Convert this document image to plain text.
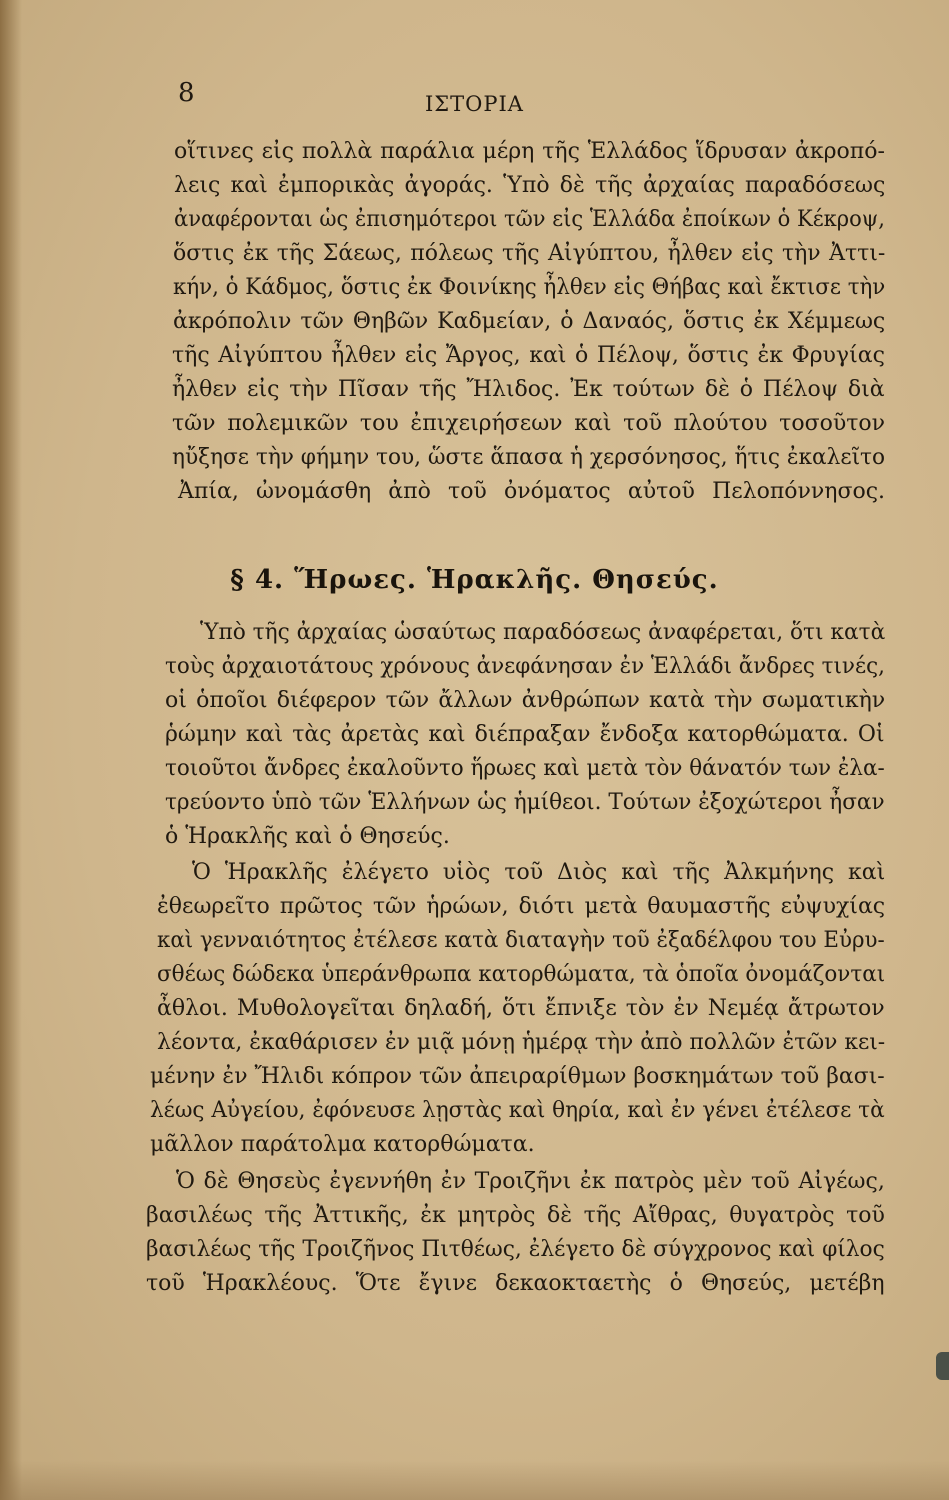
8	ΙΣΤΟΡΙΑ
οἵτινες εἰς πολλὰ παράλια μέρη τῆς Ἑλλάδος ἵδρυσαν ἀκροπό-
λεις καὶ ἐμπορικὰς ἀγοράς. Ὑπὸ δὲ τῆς ἀρχαίας παραδόσεως
ἀναφέρονται ὡς ἐπισημότεροι τῶν εἰς Ἑλλάδα ἐποίκων ὁ Κέκροψ,
ὅστις ἐκ τῆς Σάεως, πόλεως τῆς Αἰγύπτου, ἦλθεν εἰς τὴν Ἀττι-
κήν, ὁ Κάδμος, ὅστις ἐκ Φοινίκης ἦλθεν εἰς Θήβας καὶ ἔκτισε τὴν
ἀκρόπολιν τῶν Θηβῶν Καδμείαν, ὁ Δαναός, ὅστις ἐκ Χέμμεως
τῆς Αἰγύπτου ἦλθεν εἰς Ἄργος, καὶ ὁ Πέλοψ, ὅστις ἐκ Φρυγίας
ἦλθεν εἰς τὴν Πῖσαν τῆς Ἤλιδος. Ἐκ τούτων δὲ ὁ Πέλοψ διὰ
τῶν πολεμικῶν του ἐπιχειρήσεων καὶ τοῦ πλούτου τοσοῦτον
ηὔξησε τὴν φήμην του, ὥστε ἅπασα ἡ χερσόνησος, ἥτις ἐκαλεῖτο
Ἀπία, ὠνομάσθη ἀπὸ τοῦ ὀνόματος αὐτοῦ Πελοπόννησος.
§ 4. Ἥρωες. Ἡρακλῆς. Θησεύς.
Ὑπὸ τῆς ἀρχαίας ὡσαύτως παραδόσεως ἀναφέρεται, ὅτι κατὰ
τοὺς ἀρχαιοτάτους χρόνους ἀνεφάνησαν ἐν Ἑλλάδι ἄνδρες τινές,
οἱ ὁποῖοι διέφερον τῶν ἄλλων ἀνθρώπων κατὰ τὴν σωματικὴν
ῥώμην καὶ τὰς ἀρετὰς καὶ διέπραξαν ἔνδοξα κατορθώματα. Οἱ
τοιοῦτοι ἄνδρες ἐκαλοῦντο ἥρωες καὶ μετὰ τὸν θάνατόν των ἐλα-
τρεύοντο ὑπὸ τῶν Ἑλλήνων ὡς ἡμίθεοι. Τούτων ἐξοχώτεροι ἦσαν
ὁ Ἡρακλῆς καὶ ὁ Θησεύς.
Ὁ Ἡρακλῆς ἐλέγετο υἱὸς τοῦ Διὸς καὶ τῆς Ἀλκμήνης καὶ
ἐθεωρεῖτο πρῶτος τῶν ἡρώων, διότι μετὰ θαυμαστῆς εὐψυχίας
καὶ γενναιότητος ἐτέλεσε κατὰ διαταγὴν τοῦ ἐξαδέλφου του Εὐρυ-
σθέως δώδεκα ὑπεράνθρωπα κατορθώματα, τὰ ὁποῖα ὀνομάζονται
ἆθλοι. Μυθολογεῖται δηλαδή, ὅτι ἔπνιξε τὸν ἐν Νεμέᾳ ἄτρωτον
λέοντα, ἐκαθάρισεν ἐν μιᾷ μόνῃ ἡμέρᾳ τὴν ἀπὸ πολλῶν ἐτῶν κει-
μένην ἐν Ἤλιδι κόπρον τῶν ἀπειραρίθμων βοσκημάτων τοῦ βασι-
λέως Αὐγείου, ἐφόνευσε λῃστὰς καὶ θηρία, καὶ ἐν γένει ἐτέλεσε τὰ
μᾶλλον παράτολμα κατορθώματα.
Ὁ δὲ Θησεὺς ἐγεννήθη ἐν Τροιζῆνι ἐκ πατρὸς μὲν τοῦ Αἰγέως,
βασιλέως τῆς Ἀττικῆς, ἐκ μητρὸς δὲ τῆς Αἴθρας, θυγατρὸς τοῦ
βασιλέως τῆς Τροιζῆνος Πιτθέως, ἐλέγετο δὲ σύγχρονος καὶ φίλος
τοῦ Ἡρακλέους. Ὅτε ἔγινε δεκαοκταετὴς ὁ Θησεύς, μετέβη
